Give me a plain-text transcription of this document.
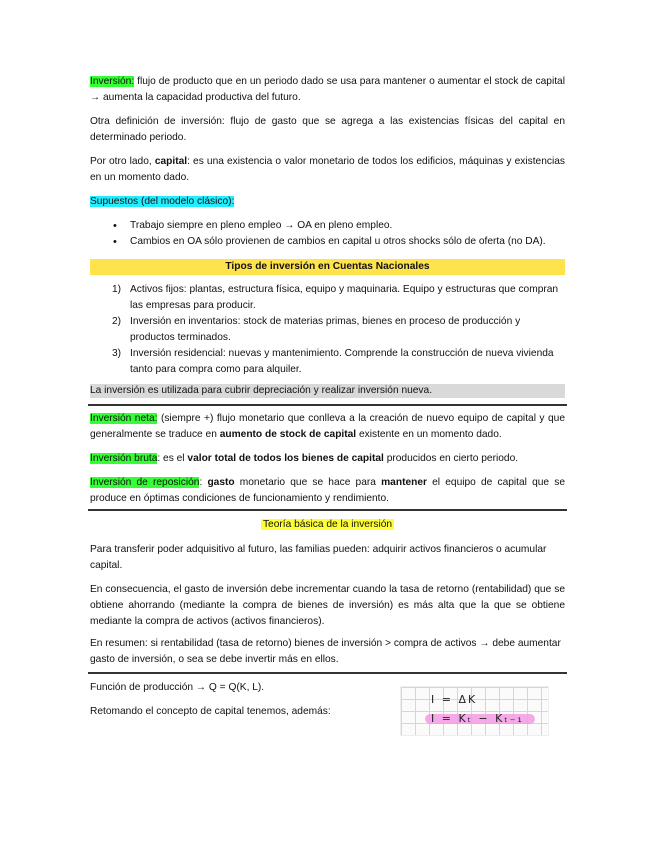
Inversión: flujo de producto que en un periodo dado se usa para mantener o aumentar el stock de capital → aumenta la capacidad productiva del futuro.
Otra definición de inversión: flujo de gasto que se agrega a las existencias físicas del capital en determinado periodo.
Por otro lado, capital: es una existencia o valor monetario de todos los edificios, máquinas y existencias en un momento dado.
Supuestos (del modelo clásico):
• Trabajo siempre en pleno empleo → OA en pleno empleo.
• Cambios en OA sólo provienen de cambios en capital u otros shocks sólo de oferta (no DA).
Tipos de inversión en Cuentas Nacionales
1) Activos fijos: plantas, estructura física, equipo y maquinaria. Equipo y estructuras que compran las empresas para producir.
2) Inversión en inventarios: stock de materias primas, bienes en proceso de producción y productos terminados.
3) Inversión residencial: nuevas y mantenimiento. Comprende la construcción de nueva vivienda tanto para compra como para alquiler.
La inversión es utilizada para cubrir depreciación y realizar inversión nueva.
Inversión neta: (siempre +) flujo monetario que conlleva a la creación de nuevo equipo de capital y que generalmente se traduce en aumento de stock de capital existente en un momento dado.
Inversión bruta: es el valor total de todos los bienes de capital producidos en cierto periodo.
Inversión de reposición: gasto monetario que se hace para mantener el equipo de capital que se produce en óptimas condiciones de funcionamiento y rendimiento.
Teoría básica de la inversión
Para transferir poder adquisitivo al futuro, las familias pueden: adquirir activos financieros o acumular capital.
En consecuencia, el gasto de inversión debe incrementar cuando la tasa de retorno (rentabilidad) que se obtiene ahorrando (mediante la compra de bienes de inversión) es más alta que la que se obtiene mediante la compra de activos (activos financieros).
En resumen: si rentabilidad (tasa de retorno) bienes de inversión > compra de activos → debe aumentar gasto de inversión, o sea se debe invertir más en ellos.
Función de producción → Q = Q(K, L).
Retomando el concepto de capital tenemos, además:
I = ΔK
I = Kₜ − Kₜ₋₁
